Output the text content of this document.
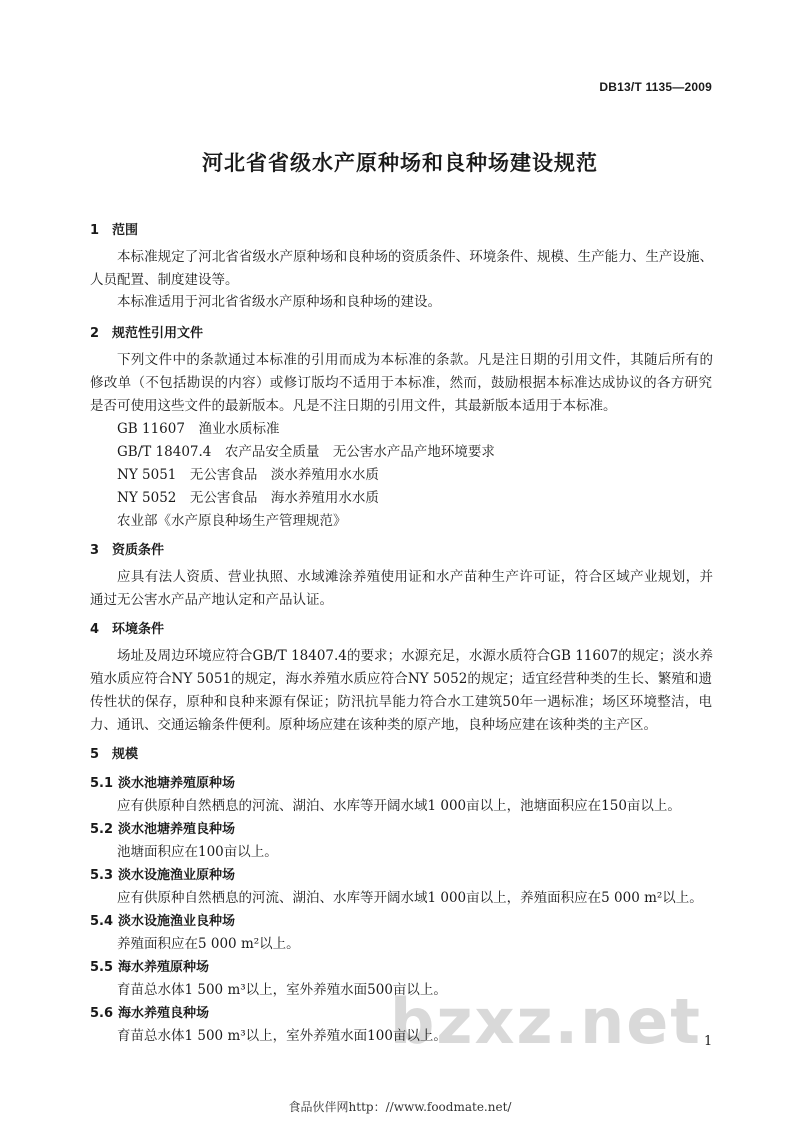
DB13/T 1135—2009
河北省省级水产原种场和良种场建设规范
1 范围
本标准规定了河北省省级水产原种场和良种场的资质条件、环境条件、规模、生产能力、生产设施、
人员配置、制度建设等。
本标准适用于河北省省级水产原种场和良种场的建设。
2 规范性引用文件
下列文件中的条款通过本标准的引用而成为本标准的条款。凡是注日期的引用文件，其随后所有的
修改单（不包括勘误的内容）或修订版均不适用于本标准，然而，鼓励根据本标准达成协议的各方研究
是否可使用这些文件的最新版本。凡是不注日期的引用文件，其最新版本适用于本标准。
GB 11607　渔业水质标准
GB/T 18407.4　农产品安全质量　无公害水产品产地环境要求
NY 5051　无公害食品　淡水养殖用水水质
NY 5052　无公害食品　海水养殖用水水质
农业部《水产原良种场生产管理规范》
3 资质条件
应具有法人资质、营业执照、水域滩涂养殖使用证和水产苗种生产许可证，符合区域产业规划，并
通过无公害水产品产地认定和产品认证。
4 环境条件
场址及周边环境应符合GB/T 18407.4的要求；水源充足，水源水质符合GB 11607的规定；淡水养
殖水质应符合NY 5051的规定，海水养殖水质应符合NY 5052的规定；适宜经营种类的生长、繁殖和遗
传性状的保存，原种和良种来源有保证；防汛抗旱能力符合水工建筑50年一遇标准；场区环境整洁，电
力、通讯、交通运输条件便利。原种场应建在该种类的原产地，良种场应建在该种类的主产区。
5 规模
5.1 淡水池塘养殖原种场
应有供原种自然栖息的河流、湖泊、水库等开阔水域1 000亩以上，池塘面积应在150亩以上。
5.2 淡水池塘养殖良种场
池塘面积应在100亩以上。
5.3 淡水设施渔业原种场
应有供原种自然栖息的河流、湖泊、水库等开阔水域1 000亩以上，养殖面积应在5 000 m²以上。
5.4 淡水设施渔业良种场
养殖面积应在5 000 m²以上。
5.5 海水养殖原种场
育苗总水体1 500 m³以上，室外养殖水面500亩以上。
bzxz.net
5.6 海水养殖良种场
育苗总水体1 500 m³以上，室外养殖水面100亩以上。	1
食品伙伴网http：//www.foodmate.net/
